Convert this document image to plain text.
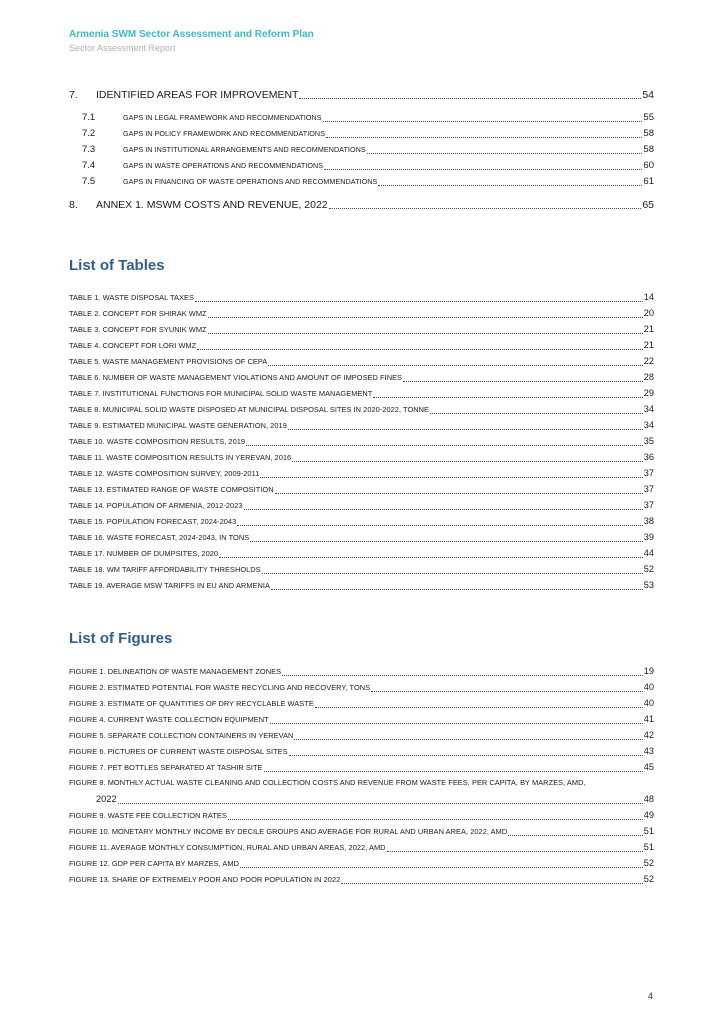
Armenia SWM Sector Assessment and Reform Plan
Sector Assessment Report
7.	IDENTIFIED AREAS FOR IMPROVEMENT	54
7.1	GAPS IN LEGAL FRAMEWORK AND RECOMMENDATIONS	55
7.2	GAPS IN POLICY FRAMEWORK AND RECOMMENDATIONS	58
7.3	GAPS IN INSTITUTIONAL ARRANGEMENTS AND RECOMMENDATIONS	58
7.4	GAPS IN WASTE OPERATIONS AND RECOMMENDATIONS	60
7.5	GAPS IN FINANCING OF WASTE OPERATIONS AND RECOMMENDATIONS	61
8.	ANNEX 1. MSWM COSTS AND REVENUE, 2022	65
List of Tables
TABLE 1. WASTE DISPOSAL TAXES	14
TABLE 2. CONCEPT FOR SHIRAK WMZ	20
TABLE 3. CONCEPT FOR SYUNIK WMZ	21
TABLE 4. CONCEPT FOR LORI WMZ	21
TABLE 5. WASTE MANAGEMENT PROVISIONS OF CEPA	22
TABLE 6. NUMBER OF WASTE MANAGEMENT VIOLATIONS AND AMOUNT OF IMPOSED FINES	28
TABLE 7. INSTITUTIONAL FUNCTIONS FOR MUNICIPAL SOLID WASTE MANAGEMENT	29
TABLE 8. MUNICIPAL SOLID WASTE DISPOSED AT MUNICIPAL DISPOSAL SITES IN 2020-2022, TONNE	34
TABLE 9. ESTIMATED MUNICIPAL WASTE GENERATION, 2019	34
TABLE 10. WASTE COMPOSITION RESULTS, 2019	35
TABLE 11. WASTE COMPOSITION RESULTS IN YEREVAN, 2016	36
TABLE 12. WASTE COMPOSITION SURVEY, 2009-2011	37
TABLE 13. ESTIMATED RANGE OF WASTE COMPOSITION	37
TABLE 14. POPULATION OF ARMENIA, 2012-2023	37
TABLE 15. POPULATION FORECAST, 2024-2043	38
TABLE 16. WASTE FORECAST, 2024-2043, IN TONS	39
TABLE 17. NUMBER OF DUMPSITES, 2020	44
TABLE 18. WM TARIFF AFFORDABILITY THRESHOLDS	52
TABLE 19. AVERAGE MSW TARIFFS IN EU AND ARMENIA	53
List of Figures
FIGURE 1. DELINEATION OF WASTE MANAGEMENT ZONES	19
FIGURE 2. ESTIMATED POTENTIAL FOR WASTE RECYCLING AND RECOVERY, TONS	40
FIGURE 3. ESTIMATE OF QUANTITIES OF DRY RECYCLABLE WASTE	40
FIGURE 4. CURRENT WASTE COLLECTION EQUIPMENT	41
FIGURE 5. SEPARATE COLLECTION CONTAINERS IN YEREVAN	42
FIGURE 6. PICTURES OF CURRENT WASTE DISPOSAL SITES	43
FIGURE 7. PET BOTTLES SEPARATED AT TASHIR SITE	45
FIGURE 8. MONTHLY ACTUAL WASTE CLEANING AND COLLECTION COSTS AND REVENUE FROM WASTE FEES, PER CAPITA, BY MARZES, AMD,
2022	48
FIGURE 9. WASTE FEE COLLECTION RATES	49
FIGURE 10. MONETARY MONTHLY INCOME BY DECILE GROUPS AND AVERAGE FOR RURAL AND URBAN AREA, 2022, AMD	51
FIGURE 11. AVERAGE MONTHLY CONSUMPTION, RURAL AND URBAN AREAS, 2022, AMD	51
FIGURE 12. GDP PER CAPITA BY MARZES, AMD	52
FIGURE 13. SHARE OF EXTREMELY POOR AND POOR POPULATION IN 2022	52
4
